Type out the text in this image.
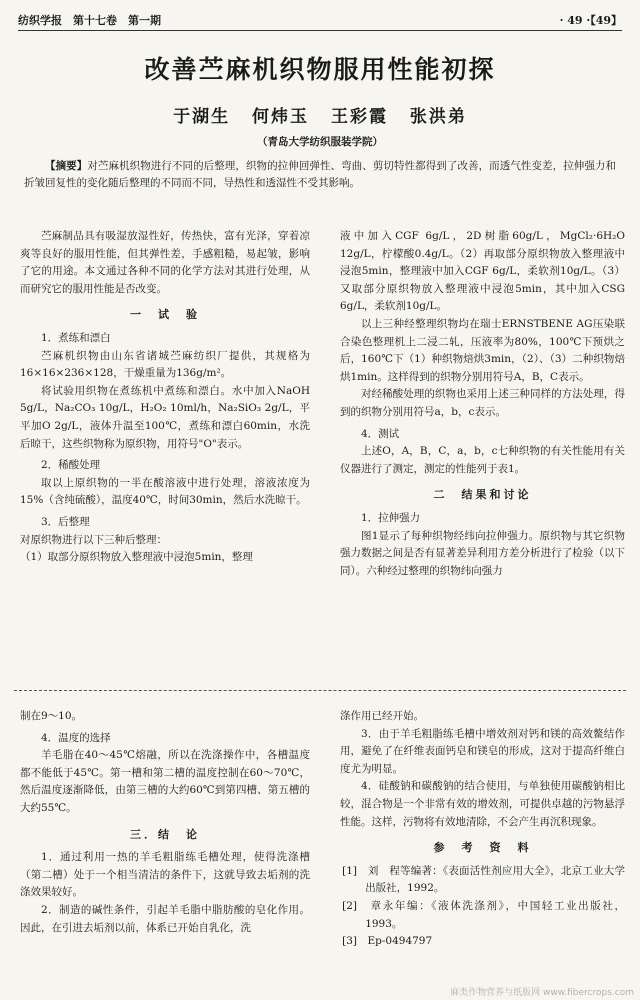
纺织学报　第十七卷　第一期	· 49 ·【49】
改善苎麻机织物服用性能初探
于湖生 何炜玉 王彩霞 张洪弟
（青岛大学纺织服装学院）
【摘要】对苎麻机织物进行不同的后整理，织物的拉伸回弹性、弯曲、剪切特性都得到了改善，而透气性变差，拉伸强力和折皱回复性的变化随后整理的不同而不同，导热性和透湿性不受其影响。

苎麻制品具有吸湿放湿性好，传热快，富有光泽，穿着凉爽等良好的服用性能，但其弹性差，手感粗糙，易起皱，影响了它的用途。本文通过各种不同的化学方法对其进行处理，从而研究它的服用性能是否改变。

一　试　验

1．煮练和漂白

苎麻机织物由山东省诸城苎麻纺织厂提供，其规格为16×16×236×128，干燥重量为136g/m²。

将试验用织物在煮练机中煮练和漂白。水中加入NaOH 5g/L，Na₂CO₃ 10g/L，H₂O₂ 10ml/h，Na₂SiO₃ 2g/L，平平加O 2g/L，液体升温至100℃，煮练和漂白60min，水洗后晾干，这些织物称为原织物，用符号"O"表示。

2．稀酸处理

取以上原织物的一半在酸溶液中进行处理，溶液浓度为15%（含纯硫酸），温度40℃，时间30min，然后水洗晾干。

3．后整理

对原织物进行以下三种后整理：

（1）取部分原织物放入整理液中浸泡5min，整理

液中加入CGF 6g/L，2D树脂60g/L，MgCl₂·6H₂O 12g/L，柠檬酸0.4g/L。（2）再取部分原织物放入整理液中浸泡5min，整理液中加入CGF 6g/L，柔软剂10g/L。（3）又取部分原织物放入整理液中浸泡5min，其中加入CSG 6g/L，柔软剂10g/L。

以上三种经整理织物均在瑞士ERNSTBENE AG压染联合染色整理机上二浸二轧，压液率为80%，100℃下预烘之后，160℃下（1）种织物焙烘3min，（2）、（3）二种织物焙烘1min。这样得到的织物分别用符号A，B，C表示。

对经稀酸处理的织物也采用上述三种同样的方法处理，得到的织物分别用符号a，b，c表示。

4．测试

上述O，A，B，C，a，b，c七种织物的有关性能用有关仪器进行了测定，测定的性能列于表1。

二　结果和讨论

1．拉伸强力

图1显示了每种织物经纬向拉伸强力。原织物与其它织物强力数据之间是否有显著差异利用方差分析进行了检验（以下同）。六种经过整理的织物纬向强力

制在9～10。

4．温度的选择

羊毛脂在40～45℃熔融，所以在洗涤操作中，各槽温度都不能低于45℃。第一槽和第二槽的温度控制在60～70℃，然后温度逐渐降低，由第三槽的大约60℃到第四槽、第五槽的大约55℃。

三．结　论

1．通过利用一热的羊毛粗脂练毛槽处理，使得洗涤槽（第二槽）处于一个相当清洁的条件下，这就导致去垢剂的洗涤效果较好。

2．制造的碱性条件，引起羊毛脂中脂肪酸的皂化作用。因此，在引进去垢剂以前，体系已开始自乳化，洗

涤作用已经开始。

3．由于羊毛粗脂练毛槽中增效剂对钙和镁的高效鳌结作用，避免了在纤维表面钙皂和镁皂的形成，这对于提高纤维白度尤为明显。

4．硅酸钠和碳酸钠的结合使用，与单独使用碳酸钠相比较，混合物是一个非常有效的增效剂，可提供卓越的污物悬浮性能。这样，污物将有效地清除，不会产生再沉积现象。

参　考　资　料

[1]　刘　程等编著：《表面活性剂应用大全》，北京工业大学出版社，1992。

[2]　章永年编：《液体洗涤剂》，中国轻工业出版社，1993。

[3]　Ep-0494797

麻类作物营养与纸版网 www.fibercrops.com
